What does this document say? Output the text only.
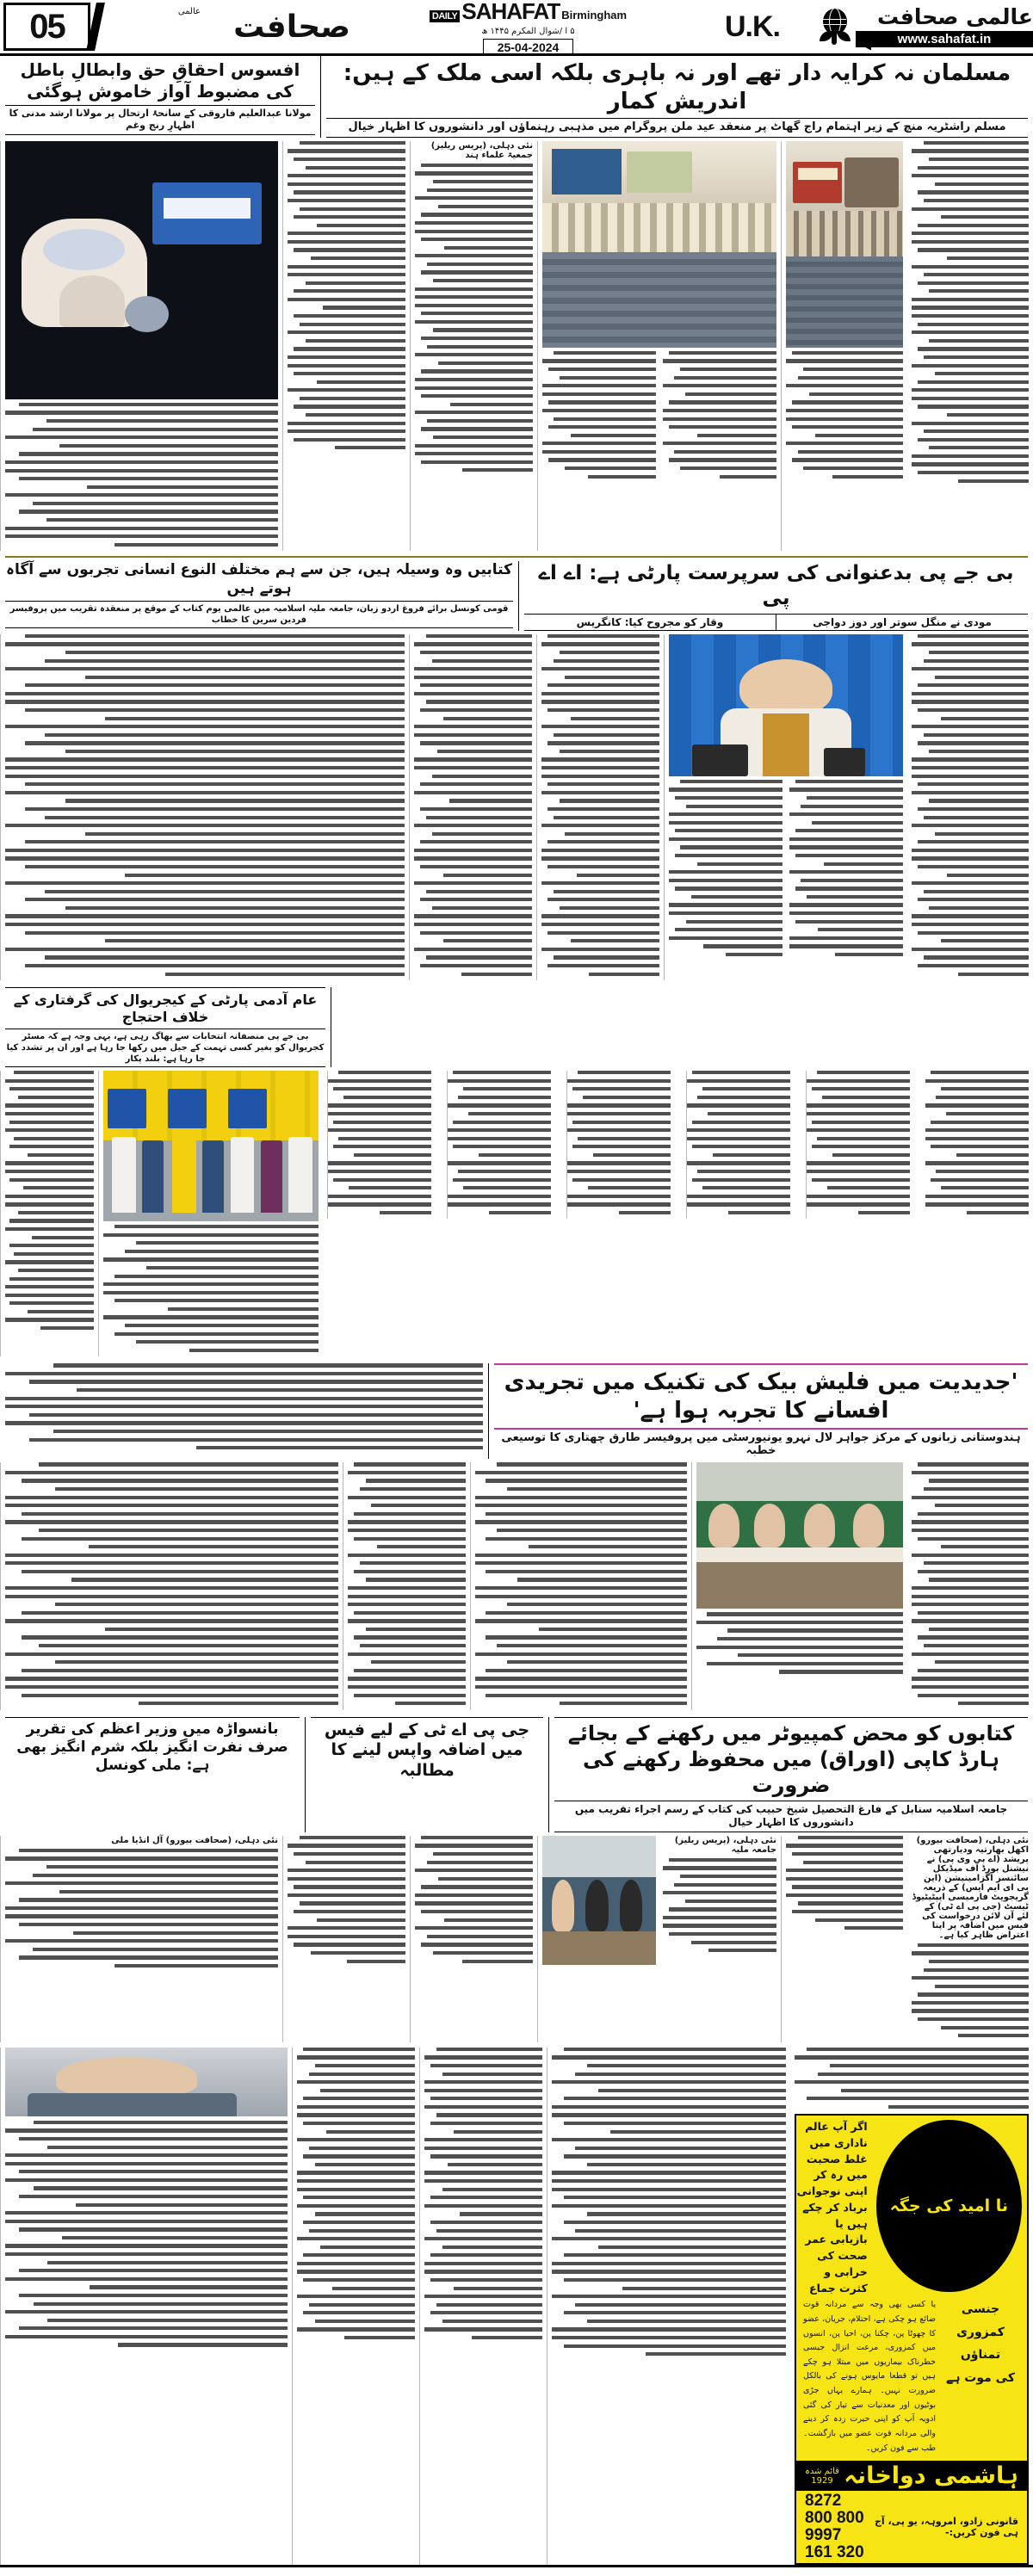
05	عالمی صحافت	DAILY SAHAFAT Birmingham
۵ ا /شوال المکرم ۱۴۴۵ ھ
25-04-2024
U.K.	عالمی صحافت
www.sahafat.in
مسلمان نہ کرایہ دار تھے اور نہ باہری بلکہ اسی ملک کے ہیں: اندریش کمار
مسلم راشٹریہ منچ کے زیر اہتمام راج گھاٹ پر منعقد عید ملن پروگرام میں مذہبی رہنماؤں اور دانشوروں کا اظہار خیال
افسوس احقاقِ حق وابطالِ باطل کی مضبوط آواز خاموش ہوگئی
مولانا عبدالعلیم فاروقی کے سانحۂ ارتحال پر مولانا ارشد مدنی کا اظہارِ رنج وغم
نئی دہلی، (پریس ریلیز) جمعیۃ علماء ہند
بی جے پی بدعنوانی کی سرپرست پارٹی ہے: اے اے پی
مودی نے منگل سوتر اور دوز دواجی
وقار کو مجروح کیا: کانگریس
کتابیں وہ وسیلہ ہیں، جن سے ہم مختلف النوع انسانی تجربوں سے آگاہ ہوتے ہیں
قومی کونسل برائے فروغ اردو زبان، جامعہ ملیہ اسلامیہ میں عالمی یوم کتاب کے موقع پر منعقدہ تقریب میں پروفیسر فردین سرین کا خطاب
عام آدمی پارٹی کے کیجریوال کی گرفتاری کے خلاف احتجاج
بی جے پی منصفانہ انتخابات سے بھاگ رہی ہے، یہی وجہ ہے کہ مسٹر کجریوال کو بغیر کسی تہمت کے جیل میں رکھا جا رہا ہے اور ان پر تشدد کیا جا رہا ہے: بلند پکار
'جدیدیت میں فلیش بیک کی تکنیک میں تجریدی افسانے کا تجربہ ہوا ہے'
ہندوستانی زبانوں کے مرکز جواہر لال نہرو یونیورسٹی میں پروفیسر طارق چھتاری کا توسیعی خطبہ
کتابوں کو محض کمپیوٹر میں رکھنے کے بجائے ہارڈ کاپی (اوراق) میں محفوظ رکھنے کی ضرورت
جامعہ اسلامیہ سنابل کے فارغ التحصیل شیخ حبیب کی کتاب کے رسم اجراء تقریب میں دانشوروں کا اظہار خیال
جی پی اے ٹی کے لیے فیس میں اضافہ واپس لینے کا مطالبہ
بانسواڑہ میں وزیر اعظم کی تقریر صرف نفرت انگیز بلکہ شرم انگیز بھی ہے: ملی کونسل
نئی دہلی، (صحافت بیورو) اکھل بھارتیہ ودیارتھی پریشد (اے بی وی پی) نے نیشنل بورڈ آف میڈیکل سائنسز اگزامینیشن (این بی ای ایم ایس) کے ذریعہ گریجویٹ فارمیسی ایپٹیٹیوڈ ٹیسٹ (جی پی اے ٹی) کے لئے آن لائن درخواست کی فیس میں اضافہ پر اپنا اعتراض ظاہر کیا ہے۔
نئی دہلی، (پریس ریلیز) جامعہ ملیہ
نئی دہلی، (صحافت بیورو) آل انڈیا ملی
نا امید کی جگہ
اگر آپ عالم ناداری میں غلط صحبت میں رہ کر اپنی نوجوانی
برباد کر چکے ہیں یا بازیابی عمر صحت کی خرابی و کثرت جماع
جنسی کمزوری
تمناؤں
کی موت ہے
یا کسی بھی وجہ سے مردانہ قوت ضائع ہو چکی ہے، احتلام، جریان، عضو کا چھوٹا پن، چکنا پن، احیا پن، انسوں میں کمزوری، مرعت انزال جیسی خطرناک بیماریوں میں مبتلا ہو چکے ہیں تو قطعا مایوس ہونے کی بالکل ضرورت نہیں۔ ہمارے یہاں جڑی بوٹیوں اور معدنیات سے تیار کی گئی ادویہ آپ کو اپنی حیرت زدہ کر دینے والی مردانہ قوت عضو میں بازگشت۔ طب سے فون کریں۔
ہاشمی دواخانہ
قائم شدہ
1929
قانونی زادو، امروہہ، یو پی، آج ہی فون کریں:-
8272 800 800
9997 161 320
